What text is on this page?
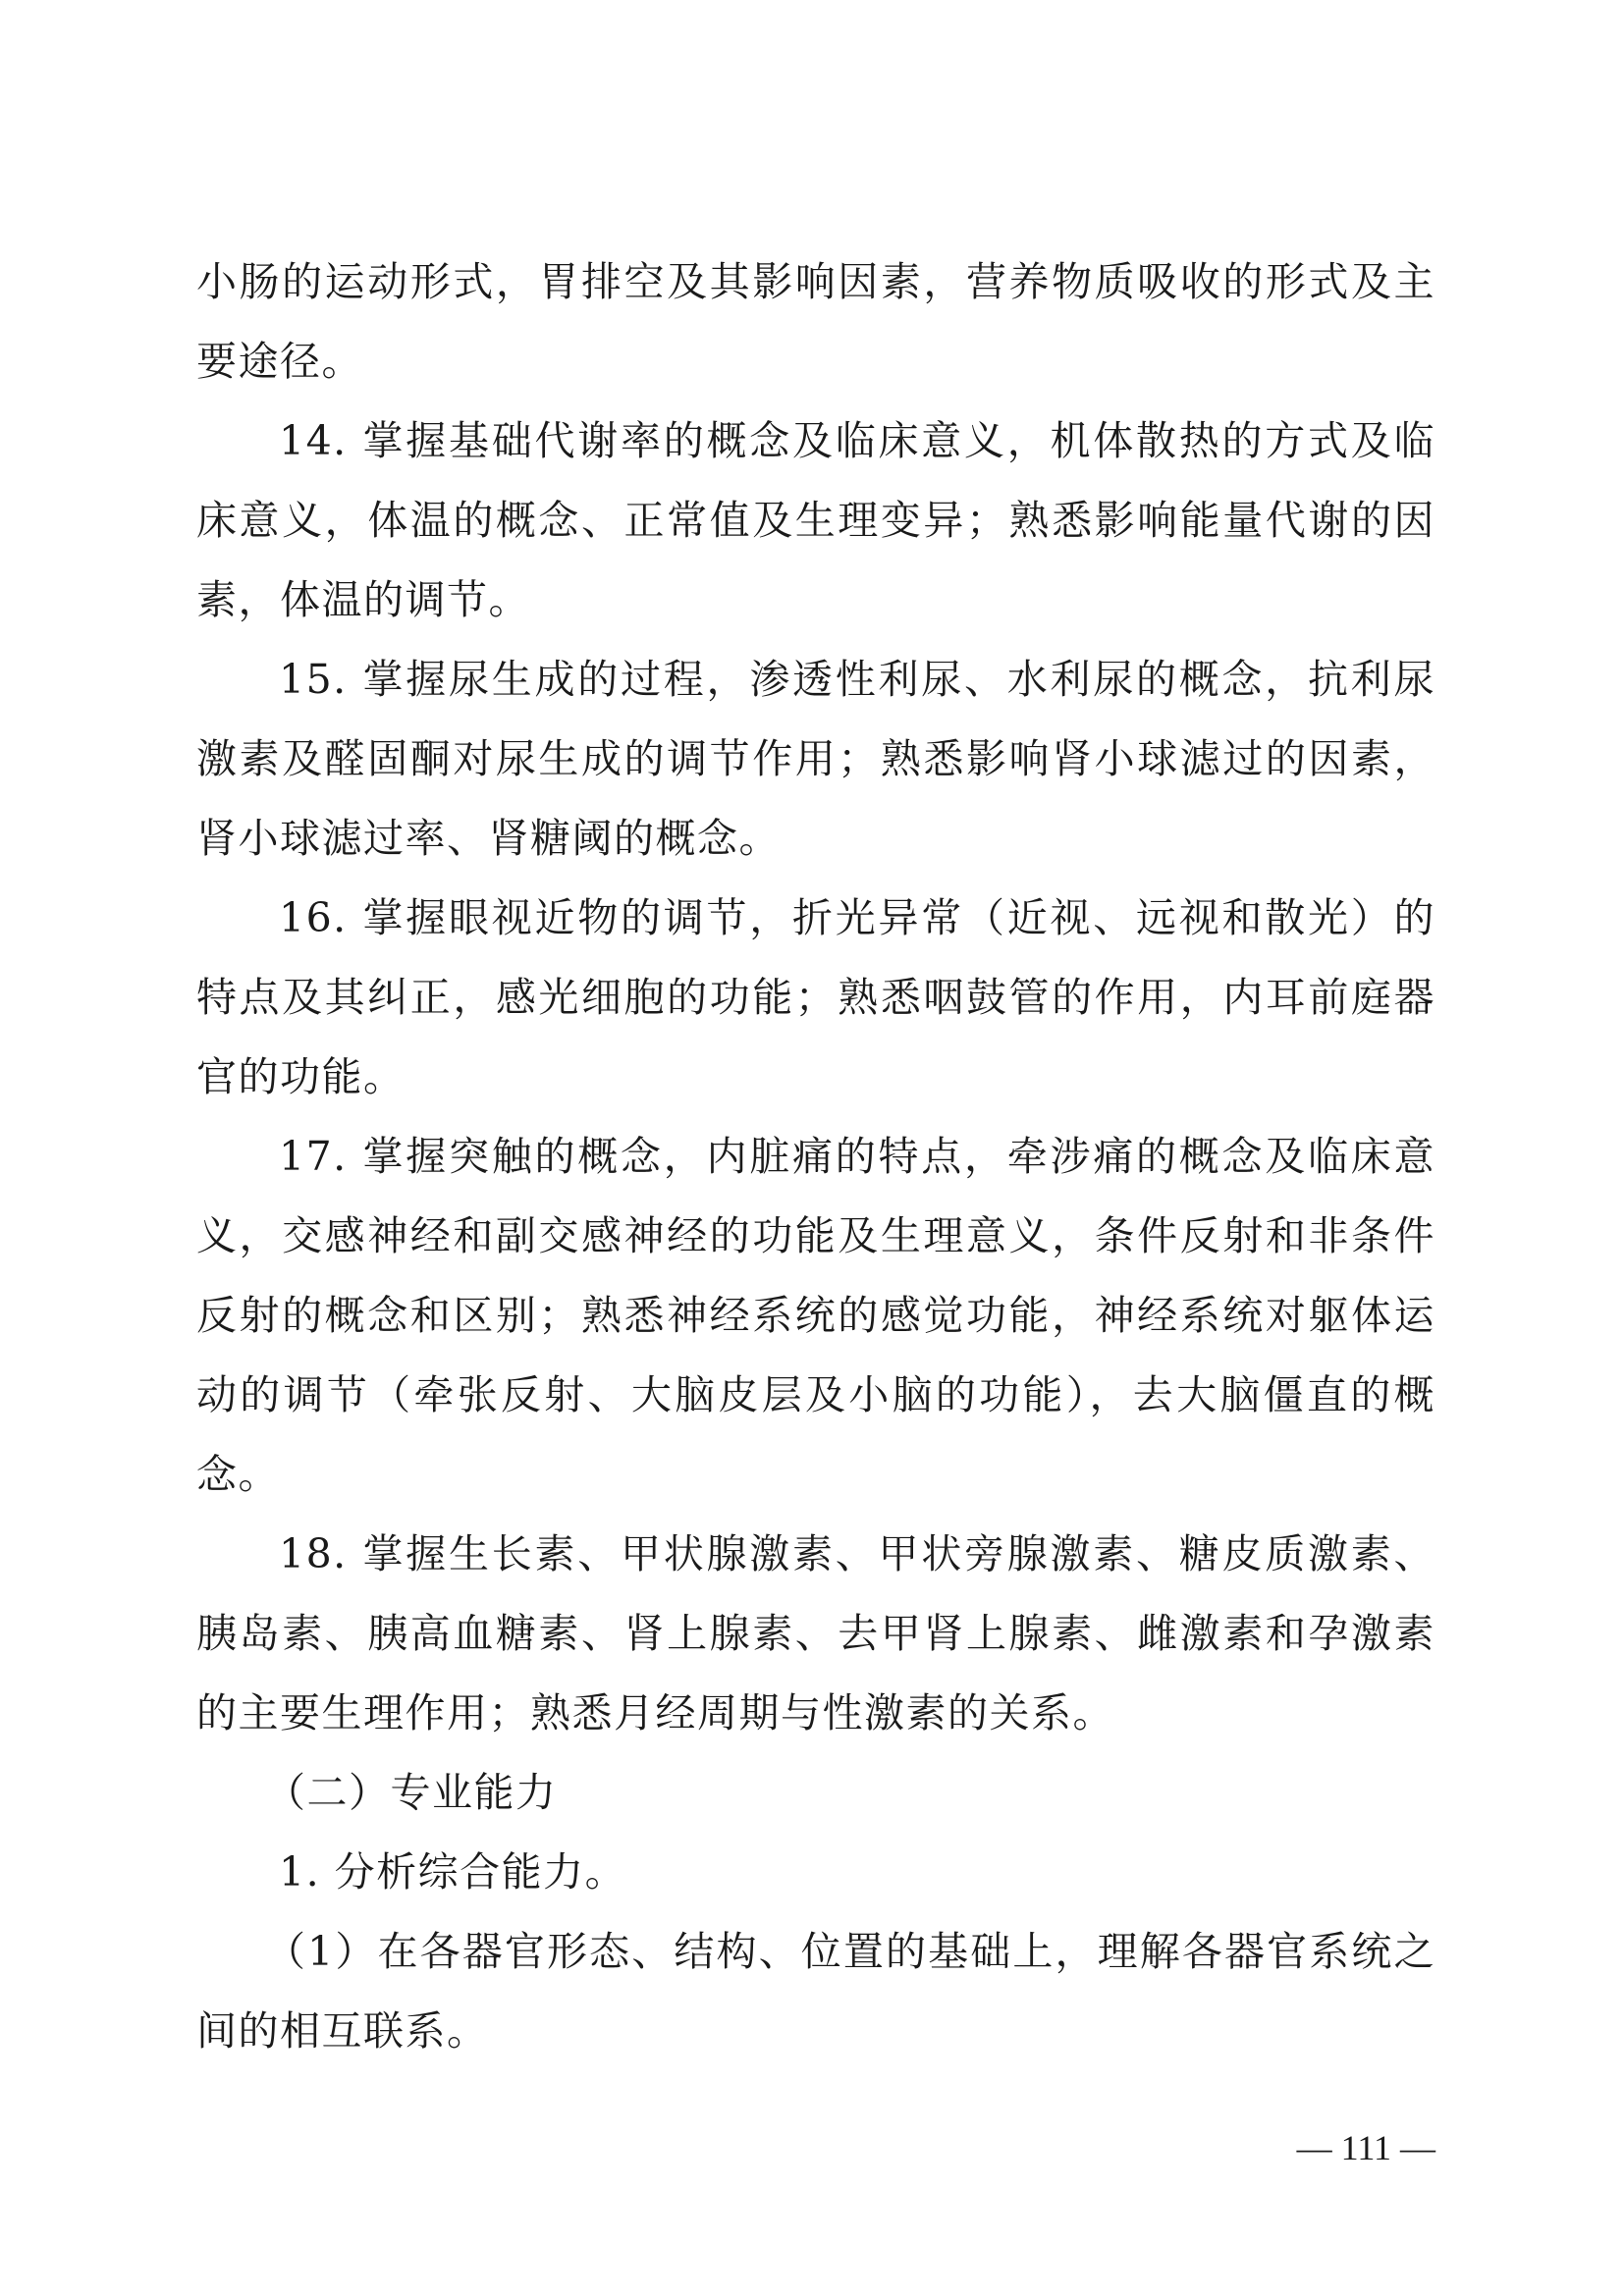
小肠的运动形式，胃排空及其影响因素，营养物质吸收的形式及主要途径。

14. 掌握基础代谢率的概念及临床意义，机体散热的方式及临床意义，体温的概念、正常值及生理变异；熟悉影响能量代谢的因素，体温的调节。

15. 掌握尿生成的过程，渗透性利尿、水利尿的概念，抗利尿激素及醛固酮对尿生成的调节作用；熟悉影响肾小球滤过的因素，肾小球滤过率、肾糖阈的概念。

16. 掌握眼视近物的调节，折光异常（近视、远视和散光）的特点及其纠正，感光细胞的功能；熟悉咽鼓管的作用，内耳前庭器官的功能。

17. 掌握突触的概念，内脏痛的特点，牵涉痛的概念及临床意义，交感神经和副交感神经的功能及生理意义，条件反射和非条件反射的概念和区别；熟悉神经系统的感觉功能，神经系统对躯体运动的调节（牵张反射、大脑皮层及小脑的功能），去大脑僵直的概念。

18. 掌握生长素、甲状腺激素、甲状旁腺激素、糖皮质激素、胰岛素、胰高血糖素、肾上腺素、去甲肾上腺素、雌激素和孕激素的主要生理作用；熟悉月经周期与性激素的关系。

（二）专业能力

1. 分析综合能力。

（1）在各器官形态、结构、位置的基础上，理解各器官系统之间的相互联系。

— 111 —
